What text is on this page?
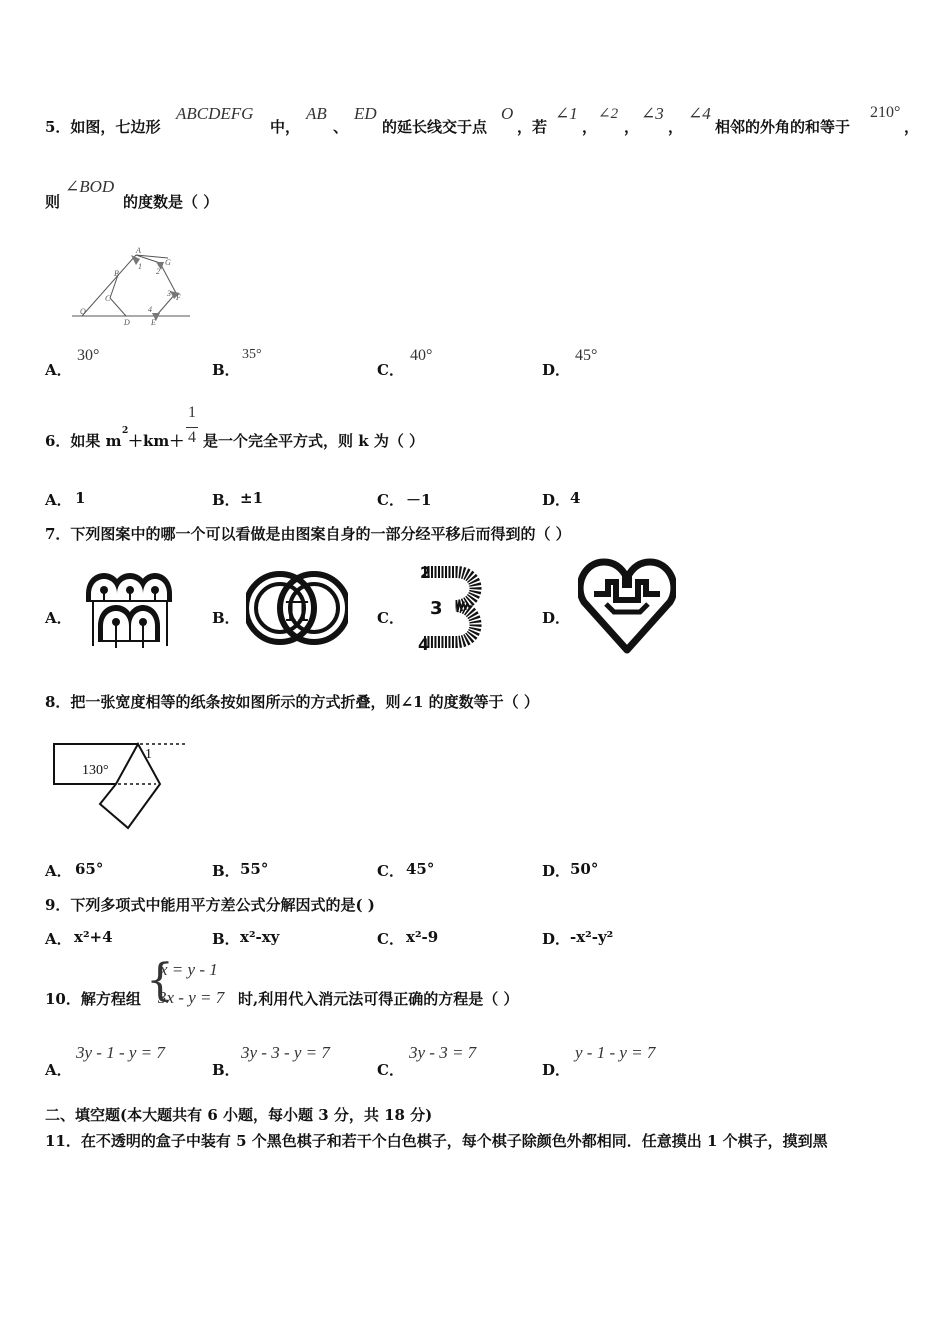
5．如图，七边形
ABCDEFG
中，
AB
、
ED
的延长线交于点
O
，若
∠1
，
∠2
，
∠3
，
∠4
相邻的外角的和等于
210°
，
则
∠BOD
的度数是（ ）
A
B
C
D	E
G
F
O
1
2
3
4
A．
30°
B．
35°
C．
40°
D．
45°
6．如果 m
2
＋km＋
1
4 是一个完全平方式，则 k 为（ ）
A． 1	B． ±1	C． －1	D． 4
7．下列图案中的哪一个可以看做是由图案自身的一部分经平移后而得到的（ ）
A．	B． π	C．
2
3
4
D．
8．把一张宽度相等的纸条按如图所示的方式折叠，则∠1 的度数等于（ ）
130°
1
A． 65°	B． 55°	C． 45°	D． 50°
9．下列多项式中能用平方差公式分解因式的是( )
A． x²+4	B． x²-xy	C． x²-9	D． -x²-y²
10．解方程组 {
x = y - 1
3x - y = 7 时,利用代入消元法可得正确的方程是（ ）
A．
3y - 1 - y = 7
B．
3y - 3 - y = 7
C．
3y - 3 = 7
D．
y - 1 - y = 7
二、填空题(本大题共有 6 小题，每小题 3 分，共 18 分)
11．在不透明的盒子中装有 5 个黑色棋子和若干个白色棋子，每个棋子除颜色外都相同．任意摸出 1 个棋子，摸到黑
